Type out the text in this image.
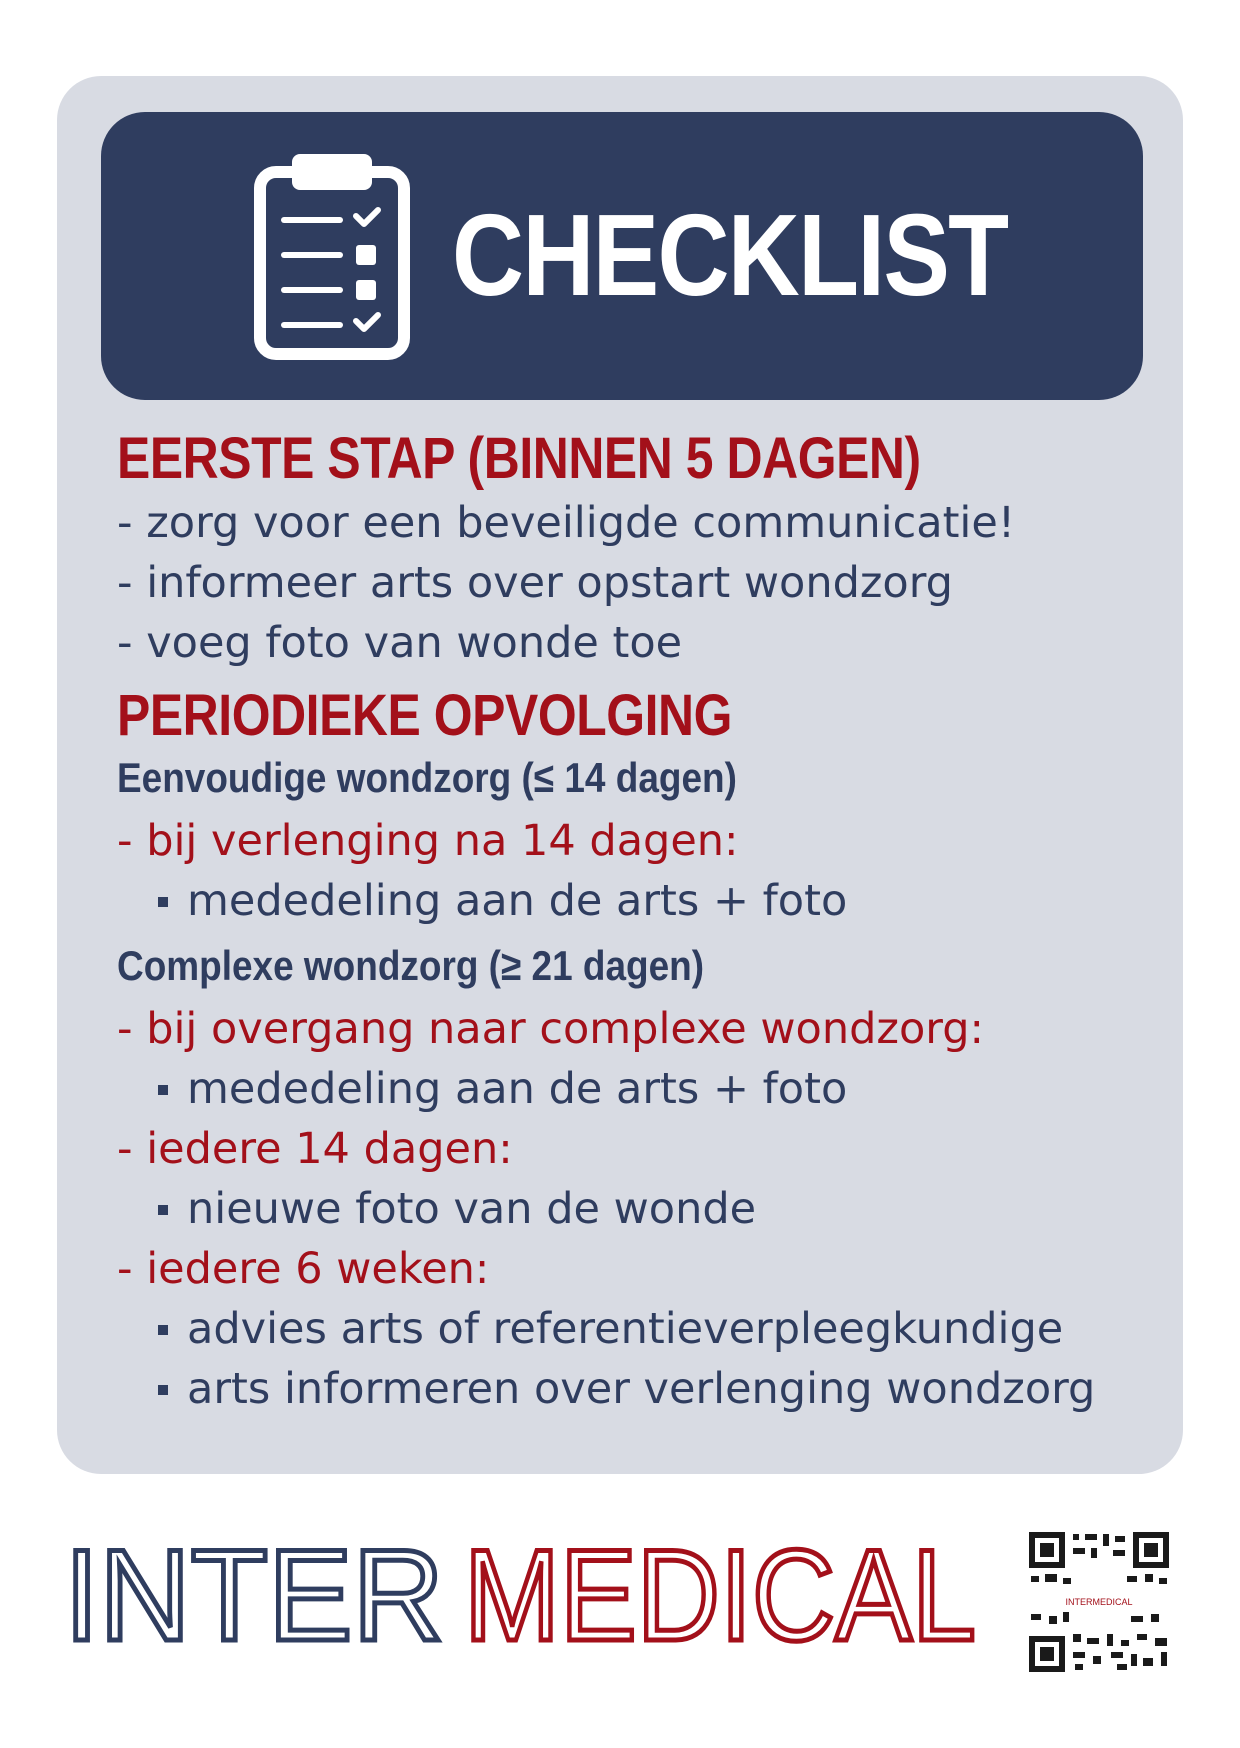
CHECKLIST
EERSTE STAP (BINNEN 5 DAGEN)
- zorg voor een beveiligde communicatie!
- informeer arts over opstart wondzorg
- voeg foto van wonde toe
PERIODIEKE OPVOLGING
Eenvoudige wondzorg (≤ 14 dagen)
- bij verlenging na 14 dagen:
mededeling aan de arts + foto
Complexe wondzorg (≥ 21 dagen)
- bij overgang naar complexe wondzorg:
mededeling aan de arts + foto
- iedere 14 dagen:
nieuwe foto van de wonde
- iedere 6 weken:
advies arts of referentieverpleegkundige
arts informeren over verlenging wondzorg
INTER MEDICAL	INTERMEDICAL
